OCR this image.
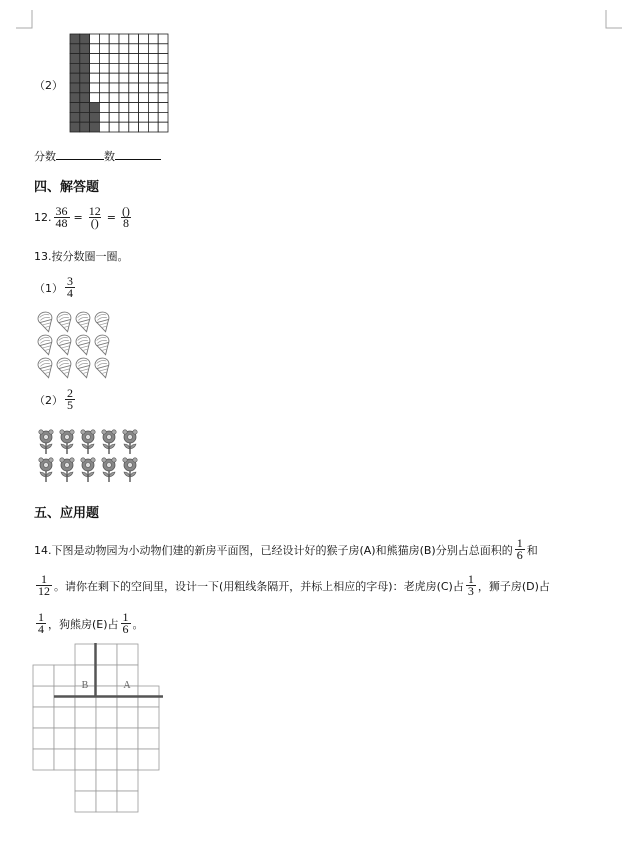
（2）
分数	数
四、解答题
12. $\frac{36}{48} = \frac{12}{()} = \frac{()}{8}$
13.按分数圈一圈。
$(1) \frac{3}{4}$
$(2) \frac{2}{5}$
五、应用题
14.下图是动物园为小动物们建的新房平面图，已经设计好的猴子房(A)和熊猫房(B)分别占总面积的 $\frac{1}{6}$ 和
$\frac{1}{12}$ 。请你在剩下的空间里，设计一下(用粗线条隔开，并标上相应的字母)：老虎房(C)占 $\frac{1}{3}$ ，狮子房(D)占
$\frac{1}{4}$ ，狗熊房(E)占 $\frac{1}{6}$ 。
B	A
